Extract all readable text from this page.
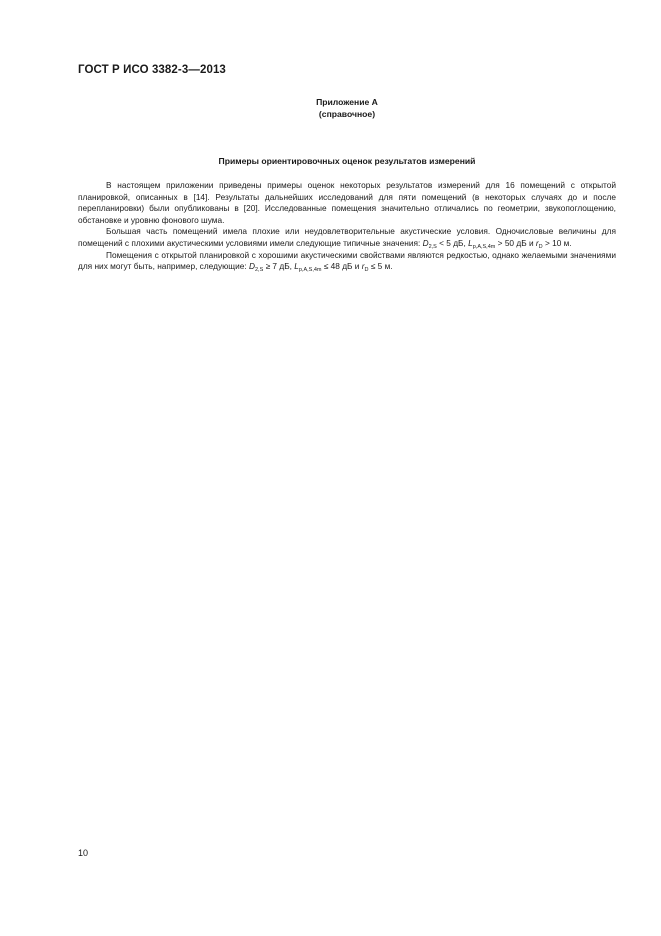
ГОСТ Р ИСО 3382-3—2013
Приложение А
(справочное)
Примеры ориентировочных оценок результатов измерений

В настоящем приложении приведены примеры оценок некоторых результатов измерений для 16 помещений с открытой планировкой, описанных в [14]. Результаты дальнейших исследований для пяти помещений (в некоторых случаях до и после перепланировки) были опубликованы в [20]. Исследованные помещения значительно отличались по геометрии, звукопоглощению, обстановке и уровню фонового шума.

Большая часть помещений имела плохие или неудовлетворительные акустические условия. Одночисловые величины для помещений с плохими акустическими условиями имели следующие типичные значения: $D_{2,S} < 5$ дБ, $L_{p,A,S,4m} > 50$ дБ и $r_D > 10$ м.

Помещения с открытой планировкой с хорошими акустическими свойствами являются редкостью, однако желаемыми значениями для них могут быть, например, следующие: $D_{2,S} \ge 7$ дБ, $L_{p,A,S,4m} \le 48$ дБ и $r_D \le 5$ м.

10
